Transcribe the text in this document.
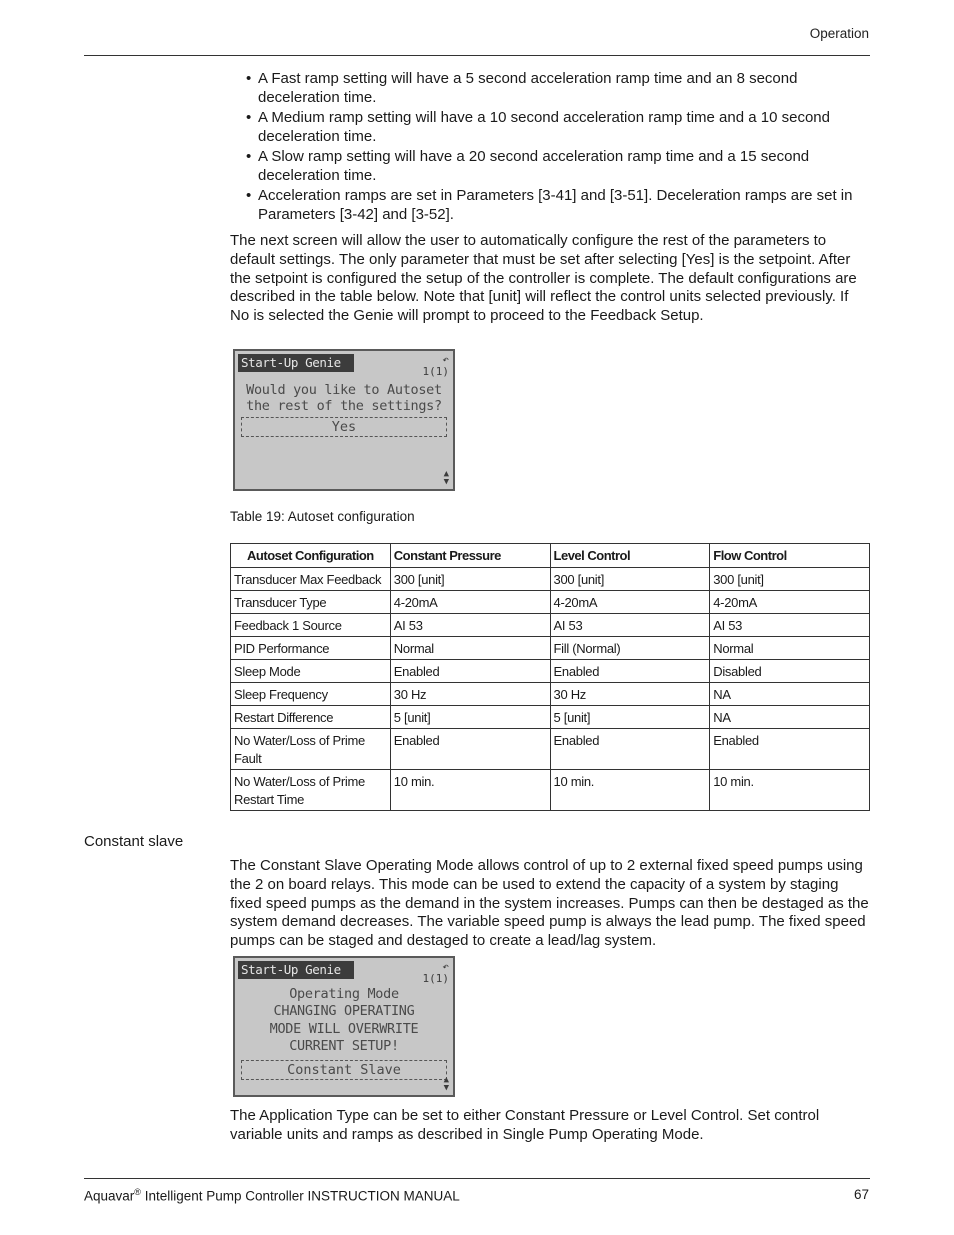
Operation
• A Fast ramp setting will have a 5 second acceleration ramp time and an 8 second deceleration time.
• A Medium ramp setting will have a 10 second acceleration ramp time and a 10 second deceleration time.
• A Slow ramp setting will have a 20 second acceleration ramp time and a 15 second deceleration time.
• Acceleration ramps are set in Parameters [3-41] and [3-51]. Deceleration ramps are set in Parameters [3-42] and [3-52].

The next screen will allow the user to automatically configure the rest of the parameters to default settings. The only parameter that must be set after selecting [Yes] is the setpoint. After the setpoint is configured the setup of the controller is complete. The default configurations are described in the table below. Note that [unit] will reflect the control units selected previously. If No is selected the Genie will prompt to proceed to the Feedback Setup.

Start-Up Genie	↶
1(1)
Would you like to Autoset
the rest of the settings?
Yes
▲
▼
Table 19: Autoset configuration
Autoset Configuration	Constant Pressure	Level Control	Flow Control
Transducer Max Feedback	300 [unit]	300 [unit]	300 [unit]
Transducer Type	4-20mA	4-20mA	4-20mA
Feedback 1 Source	AI 53	AI 53	AI 53
PID Performance	Normal	Fill (Normal)	Normal
Sleep Mode	Enabled	Enabled	Disabled
Sleep Frequency	30 Hz	30 Hz	NA
Restart Difference	5 [unit]	5 [unit]	NA
No Water/Loss of Prime Fault	Enabled	Enabled	Enabled
No Water/Loss of Prime Restart Time	10 min.	10 min.	10 min.
Constant slave

The Constant Slave Operating Mode allows control of up to 2 external fixed speed pumps using the 2 on board relays. This mode can be used to extend the capacity of a system by staging fixed speed pumps as the demand in the system increases. Pumps can then be destaged as the system demand decreases. The variable speed pump is always the lead pump. The fixed speed pumps can be staged and destaged to create a lead/lag system.

Start-Up Genie	↶
1(1)
Operating Mode
CHANGING OPERATING
MODE WILL OVERWRITE
CURRENT SETUP!
Constant Slave
▲
▼

The Application Type can be set to either Constant Pressure or Level Control. Set control variable units and ramps as described in Single Pump Operating Mode.

Aquavar® Intelligent Pump Controller INSTRUCTION MANUAL	67
